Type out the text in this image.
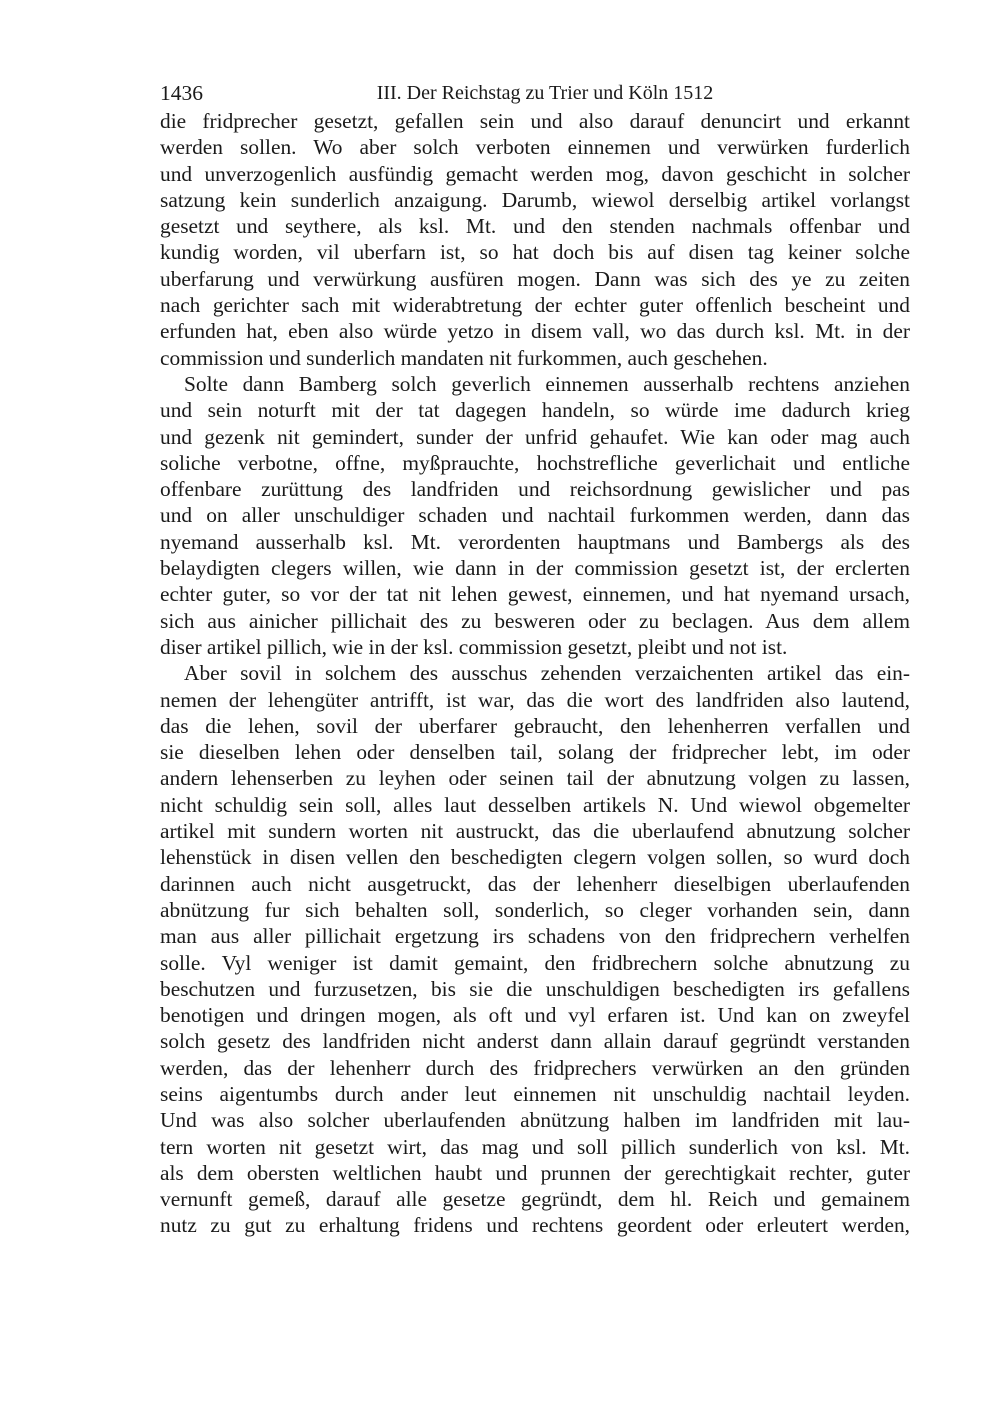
1436	III. Der Reichstag zu Trier und Köln 1512
die fridprecher gesetzt, gefallen sein und also darauf denuncirt und erkannt
werden sollen. Wo aber solch verboten einnemen und verwürken furderlich
und unverzogenlich ausfündig gemacht werden mog, davon geschicht in solcher
satzung kein sunderlich anzaigung. Darumb, wiewol derselbig artikel vorlangst
gesetzt und seythere, als ksl. Mt. und den stenden nachmals offenbar und
kundig worden, vil uberfarn ist, so hat doch bis auf disen tag keiner solche
uberfarung und verwürkung ausfüren mogen. Dann was sich des ye zu zeiten
nach gerichter sach mit widerabtretung der echter guter offenlich bescheint und
erfunden hat, eben also würde yetzo in disem vall, wo das durch ksl. Mt. in der
commission und sunderlich mandaten nit furkommen, auch geschehen.
Solte dann Bamberg solch geverlich einnemen ausserhalb rechtens anziehen
und sein noturft mit der tat dagegen handeln, so würde ime dadurch krieg
und gezenk nit gemindert, sunder der unfrid gehaufet. Wie kan oder mag auch
soliche verbotne, offne, myßprauchte, hochstrefliche geverlichait und entliche
offenbare zurüttung des landfriden und reichsordnung gewislicher und pas
und on aller unschuldiger schaden und nachtail furkommen werden, dann das
nyemand ausserhalb ksl. Mt. verordenten hauptmans und Bambergs als des
belaydigten clegers willen, wie dann in der commission gesetzt ist, der erclerten
echter guter, so vor der tat nit lehen gewest, einnemen, und hat nyemand ursach,
sich aus ainicher pillichait des zu besweren oder zu beclagen. Aus dem allem
diser artikel pillich, wie in der ksl. commission gesetzt, pleibt und not ist.
Aber sovil in solchem des ausschus zehenden verzaichenten artikel das ein-
nemen der lehengüter antrifft, ist war, das die wort des landfriden also lautend,
das die lehen, sovil der uberfarer gebraucht, den lehenherren verfallen und
sie dieselben lehen oder denselben tail, solang der fridprecher lebt, im oder
andern lehenserben zu leyhen oder seinen tail der abnutzung volgen zu lassen,
nicht schuldig sein soll, alles laut desselben artikels N. Und wiewol obgemelter
artikel mit sundern worten nit austruckt, das die uberlaufend abnutzung solcher
lehenstück in disen vellen den beschedigten clegern volgen sollen, so wurd doch
darinnen auch nicht ausgetruckt, das der lehenherr dieselbigen uberlaufenden
abnützung fur sich behalten soll, sonderlich, so cleger vorhanden sein, dann
man aus aller pillichait ergetzung irs schadens von den fridprechern verhelfen
solle. Vyl weniger ist damit gemaint, den fridbrechern solche abnutzung zu
beschutzen und furzusetzen, bis sie die unschuldigen beschedigten irs gefallens
benotigen und dringen mogen, als oft und vyl erfaren ist. Und kan on zweyfel
solch gesetz des landfriden nicht anderst dann allain darauf gegründt verstanden
werden, das der lehenherr durch des fridprechers verwürken an den gründen
seins aigentumbs durch ander leut einnemen nit unschuldig nachtail leyden.
Und was also solcher uberlaufenden abnützung halben im landfriden mit lau-
tern worten nit gesetzt wirt, das mag und soll pillich sunderlich von ksl. Mt.
als dem obersten weltlichen haubt und prunnen der gerechtigkait rechter, guter
vernunft gemeß, darauf alle gesetze gegründt, dem hl. Reich und gemainem
nutz zu gut zu erhaltung fridens und rechtens geordent oder erleutert werden,
